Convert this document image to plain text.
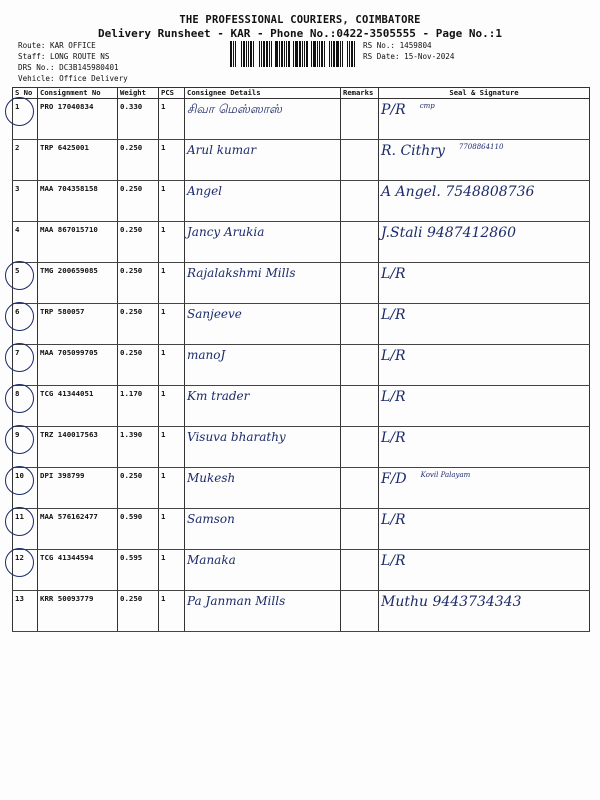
THE PROFESSIONAL COURIERS, COIMBATORE
Delivery Runsheet - KAR - Phone No.:0422-3505555 - Page No.:1
Route: KAR OFFICE
Staff: LONG ROUTE NS
DRS No.: DC3B145980401
Vehicle: Office Delivery
RS No.: 1459804
RS Date: 15-Nov-2024
S No	Consignment No	Weight	PCS	Consignee Details	Remarks	Seal & Signature

1	PRO 17040834	0.330	1	சிவா மெஸ்ஸாஸ்		P/R $^{cmp}$
2	TRP 6425001	0.250	1	Arul kumar		R. Cithry $^{7708864110}$
3	MAA 704358158	0.250	1	Angel		A Angel. 7548808736
4	MAA 867015710	0.250	1	Jancy Arukia		J.Stali 9487412860

5	TMG 200659085	0.250	1	Rajalakshmi Mills		L/R

6	TRP 580057	0.250	1	Sanjeeve		L/R

7	MAA 705099705	0.250	1	manoJ		L/R

8	TCG 41344051	1.170	1	Km trader		L/R

9	TRZ 140017563	1.390	1	Visuva bharathy		L/R

10	DPI 398799	0.250	1	Mukesh		F/D $^{Kovil Palayam}$

11	MAA 576162477	0.590	1	Samson		L/R

12	TCG 41344594	0.595	1	Manaka		L/R
13	KRR 50093779	0.250	1	Pa Janman Mills		Muthu 9443734343
